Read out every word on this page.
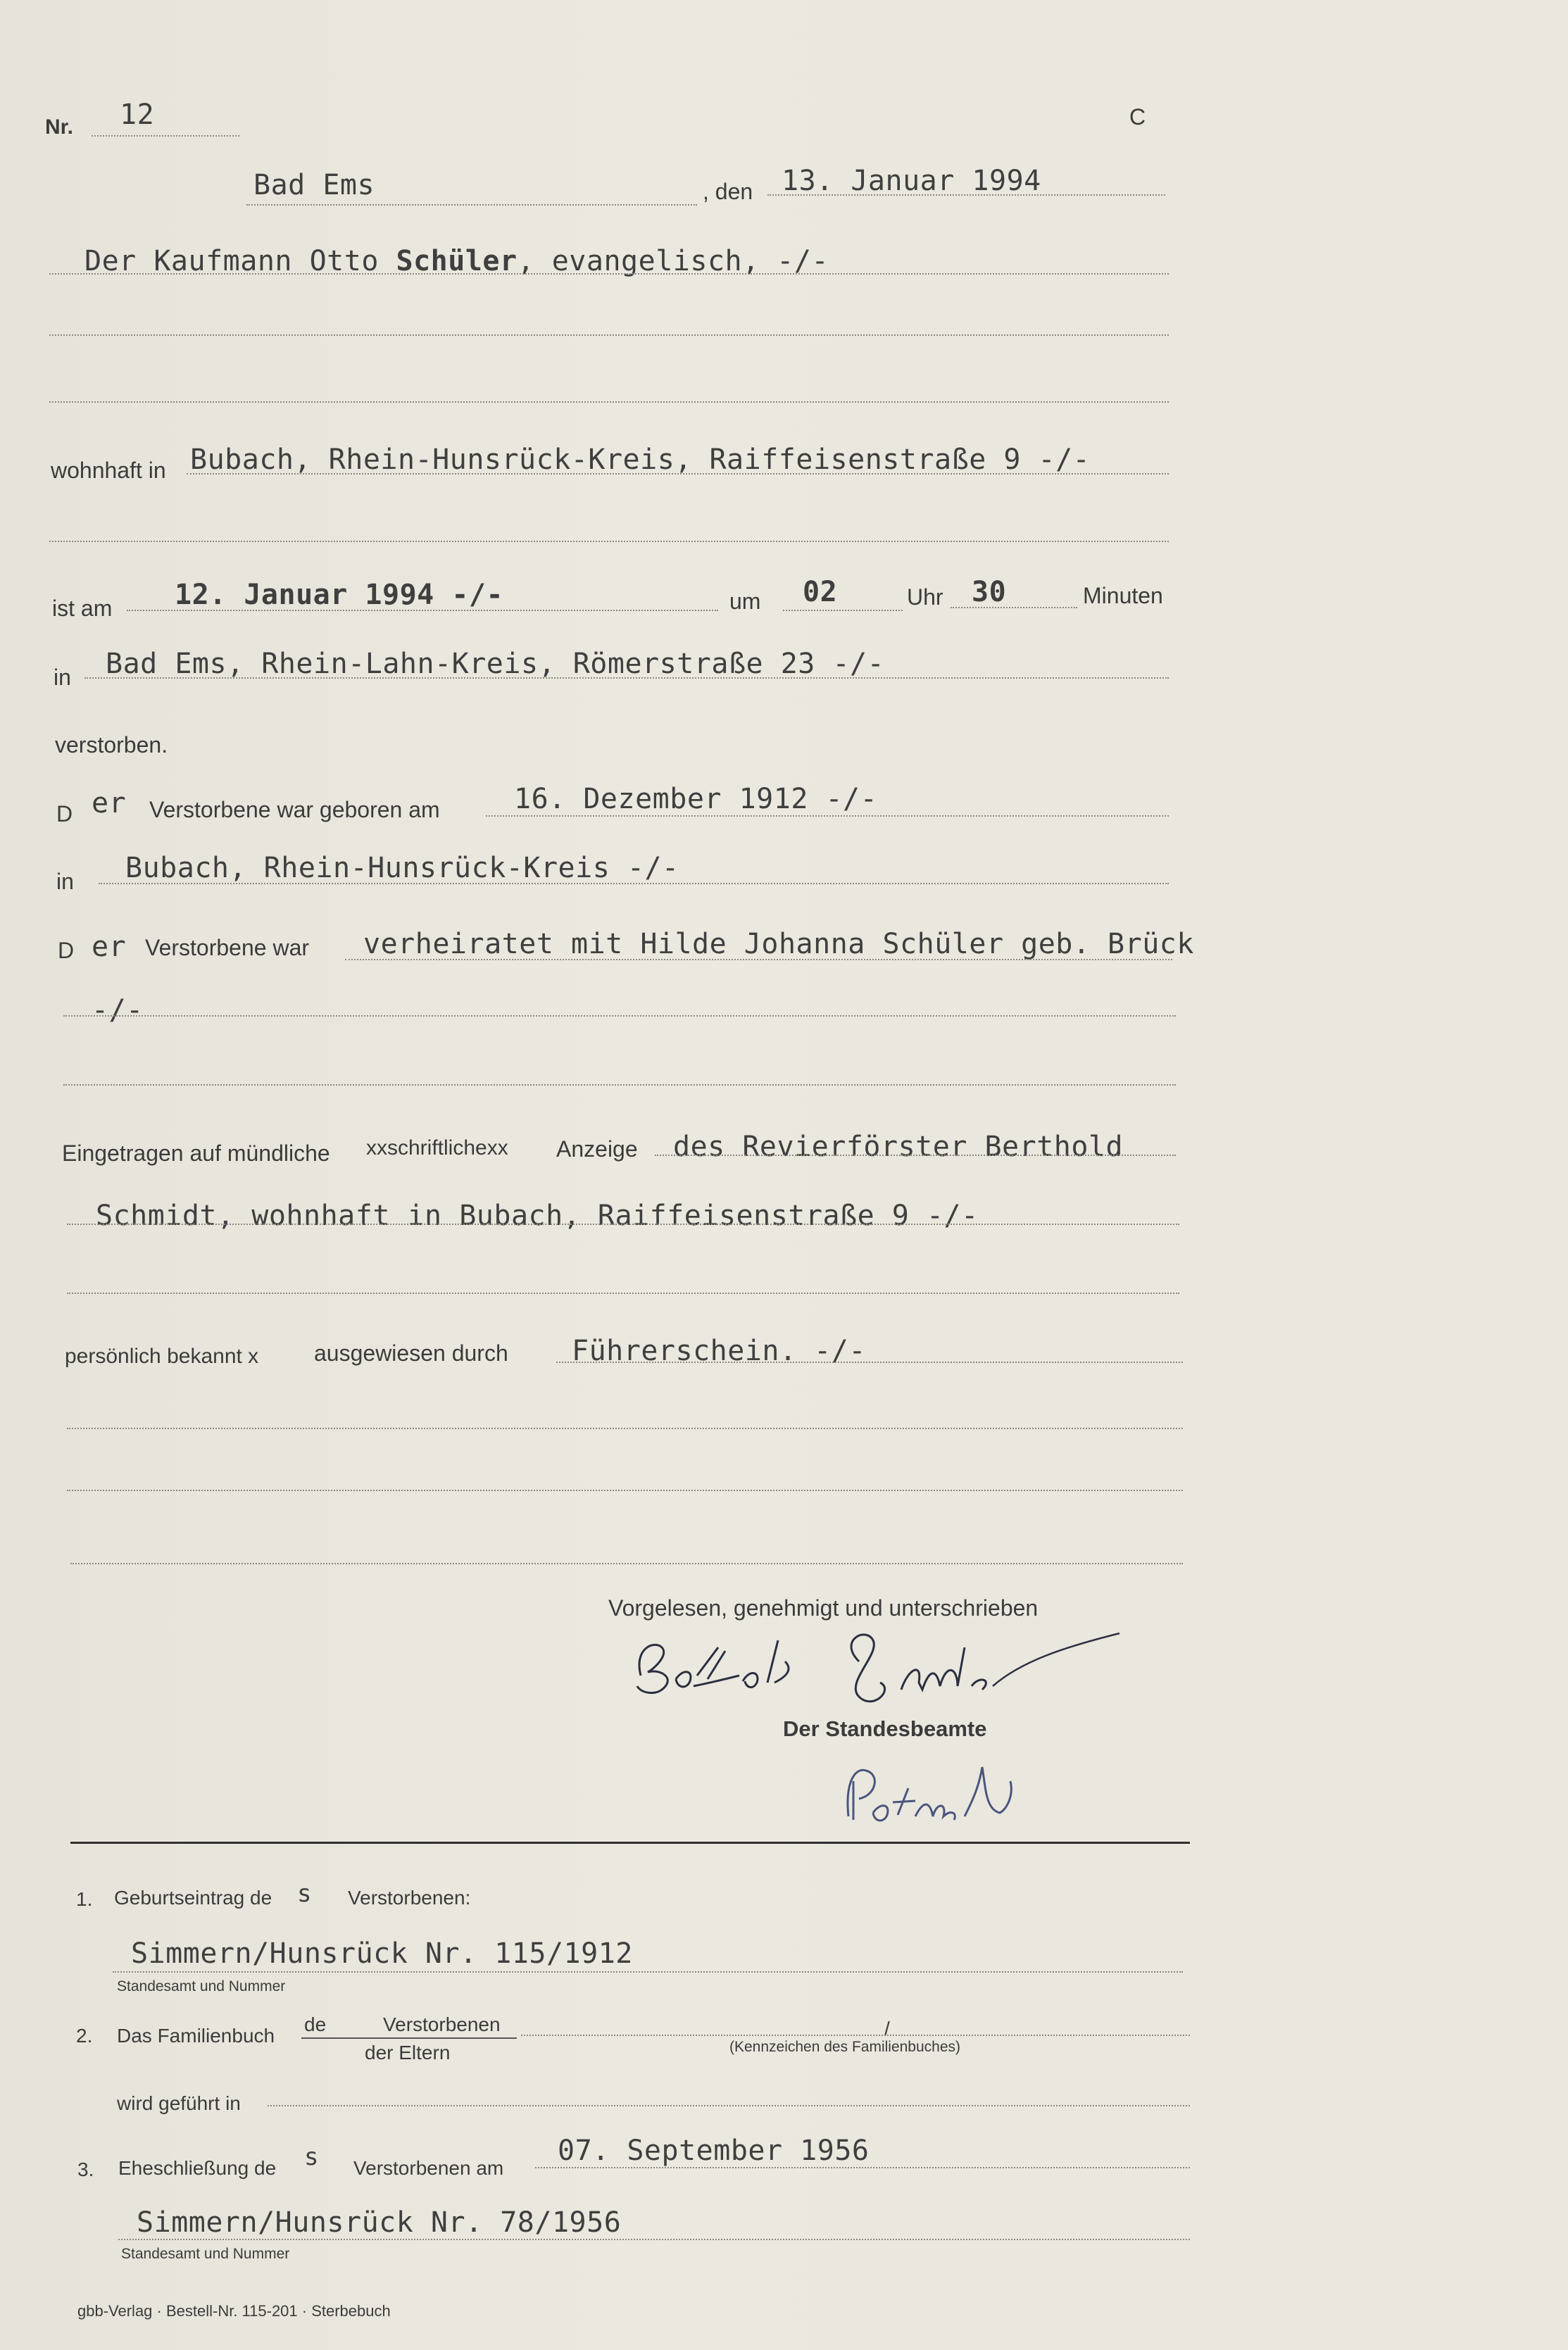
Nr. 12	C
Bad Ems	, den 13. Januar 1994
Der Kaufmann Otto Schüler, evangelisch, -/-
wohnhaft in Bubach, Rhein-Hunsrück-Kreis, Raiffeisenstraße 9 -/-
ist am 12. Januar 1994 -/-	um 02	Uhr 30	Minuten
in Bad Ems, Rhein-Lahn-Kreis, Römerstraße 23 -/-
verstorben.
D er Verstorbene war geboren am	16. Dezember 1912 -/-
in Bubach, Rhein-Hunsrück-Kreis -/-
D er Verstorbene war verheiratet mit Hilde Johanna Schüler geb. Brück
-/-
Eingetragen auf mündliche xxschriftlichexx Anzeige des Revierförster Berthold
Schmidt, wohnhaft in Bubach, Raiffeisenstraße 9 -/-
persönlich bekannt x ausgewiesen durch Führerschein. -/-
Vorgelesen, genehmigt und unterschrieben
Der Standesbeamte
1. Geburtseintrag de s Verstorbenen:
Simmern/Hunsrück Nr. 115/1912
Standesamt und Nummer
2. Das Familienbuch
de	Verstorbenen
der Eltern
/
(Kennzeichen des Familienbuches)
wird geführt in
3. Eheschließung de s Verstorbenen am
07. September 1956
Simmern/Hunsrück Nr. 78/1956
Standesamt und Nummer
gbb-Verlag · Bestell-Nr. 115-201 · Sterbebuch
